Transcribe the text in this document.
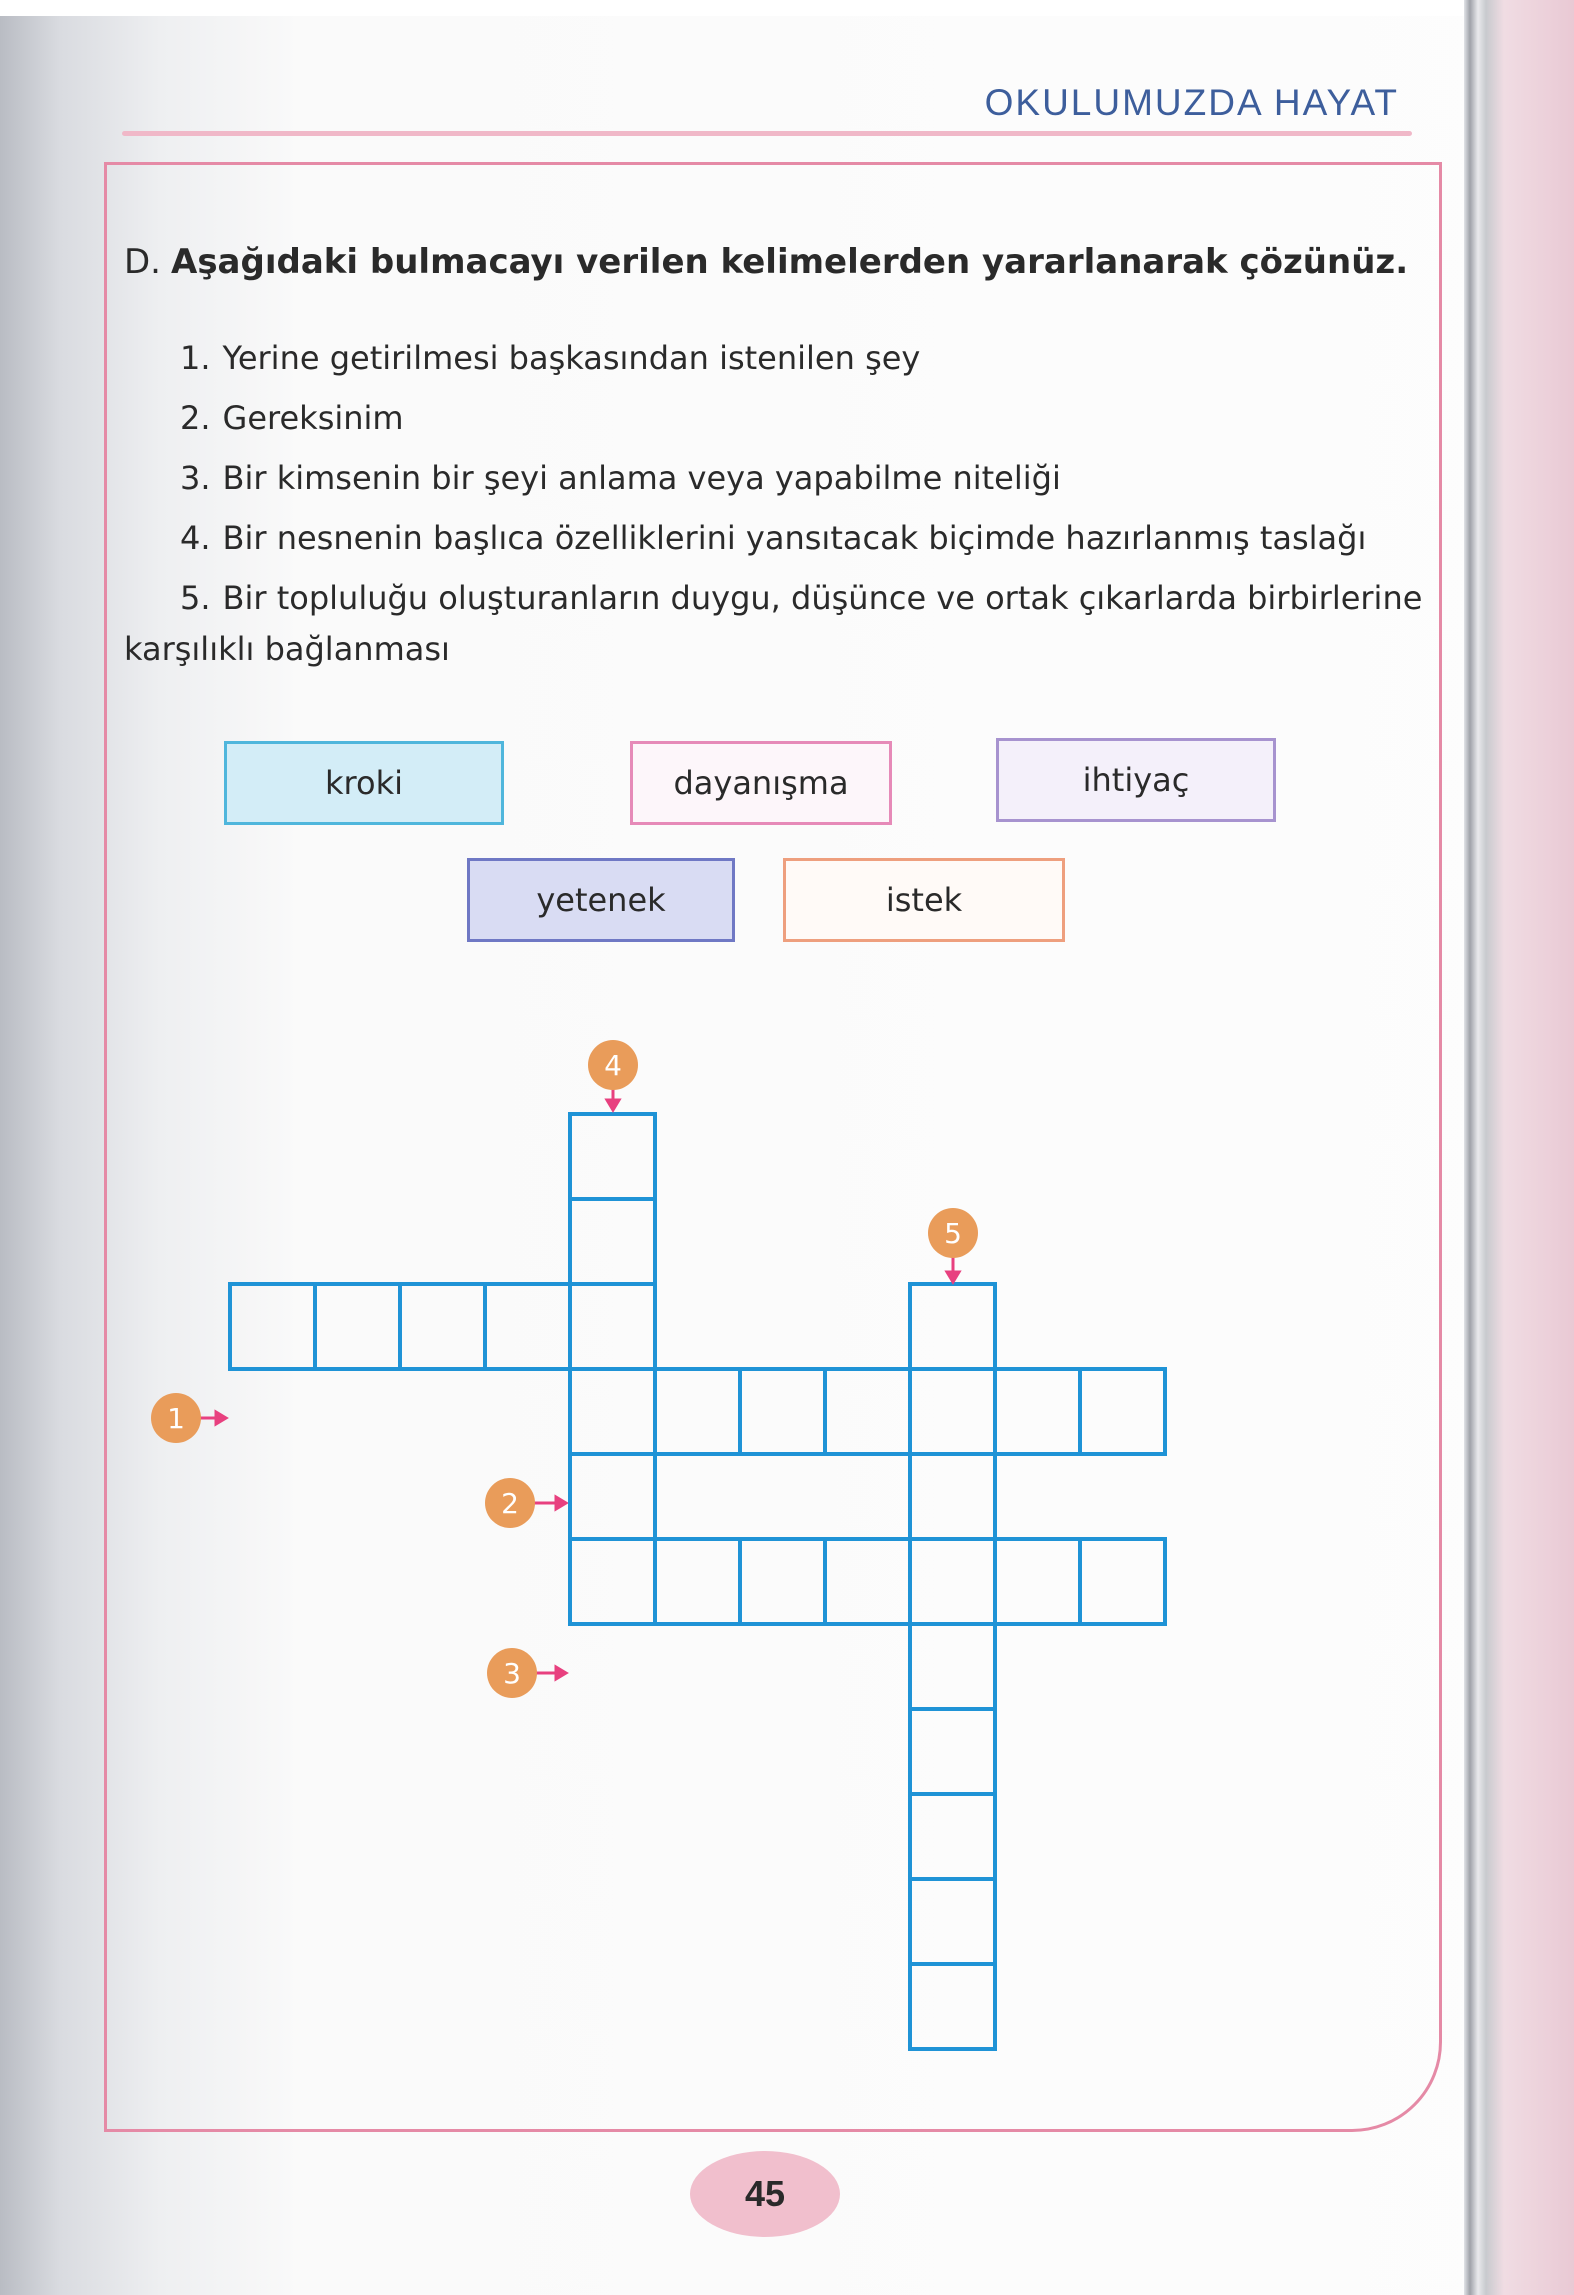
OKULUMUZDA HAYAT
D. Aşağıdaki bulmacayı verilen kelimelerden yararlanarak çözünüz.
1. Yerine getirilmesi başkasından istenilen şey
2. Gereksinim
3. Bir kimsenin bir şeyi anlama veya yapabilme niteliği
4. Bir nesnenin başlıca özelliklerini yansıtacak biçimde hazırlanmış taslağı
5. Bir topluluğu oluşturanların duygu, düşünce ve ortak çıkarlarda birbirlerine
karşılıklı bağlanması
kroki	dayanışma	ihtiyaç
yetenek	istek
1
2
3
4
5
45
